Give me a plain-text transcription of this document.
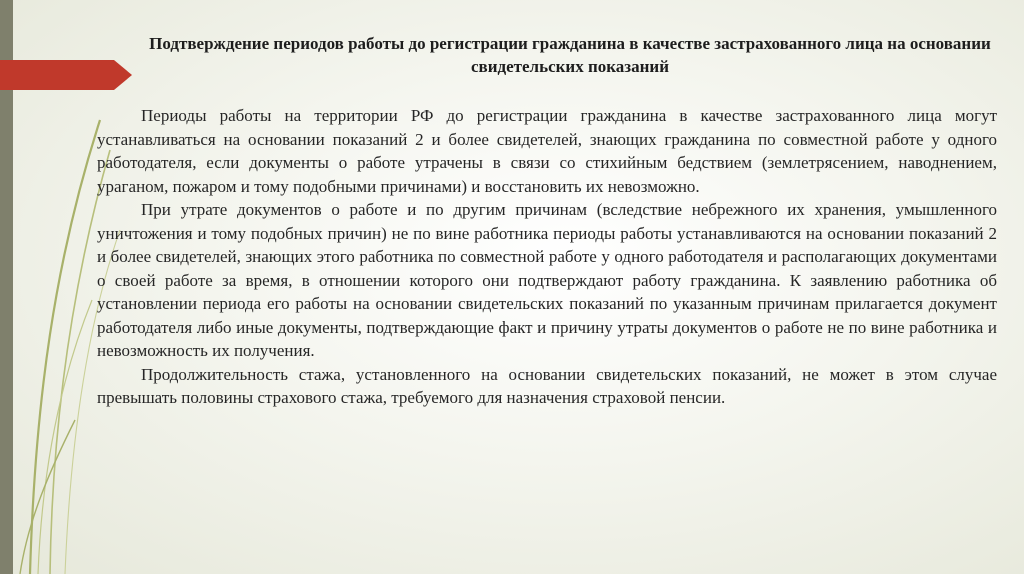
Подтверждение периодов работы до регистрации гражданина в качестве застрахованного лица на основании свидетельских показаний

Периоды работы на территории РФ до регистрации гражданина в качестве застрахованного лица могут устанавливаться на основании показаний 2 и более свидетелей, знающих гражданина по совместной работе у одного работодателя, если документы о работе утрачены в связи со стихийным бедствием (землетрясением, наводнением, ураганом, пожаром и тому подобными причинами) и восстановить их невозможно.

При утрате документов о работе и по другим причинам (вследствие небрежного их хранения, умышленного уничтожения и тому подобных причин) не по вине работника периоды работы устанавливаются на основании показаний 2 и более свидетелей, знающих этого работника по совместной работе у одного работодателя и располагающих документами о своей работе за время, в отношении которого они подтверждают работу гражданина. К заявлению работника об установлении периода его работы на основании свидетельских показаний по указанным причинам прилагается документ работодателя либо иные документы, подтверждающие факт и причину утраты документов о работе не по вине работника и невозможность их получения.

Продолжительность стажа, установленного на основании свидетельских показаний, не может в этом случае превышать половины страхового стажа, требуемого для назначения страховой пенсии.
